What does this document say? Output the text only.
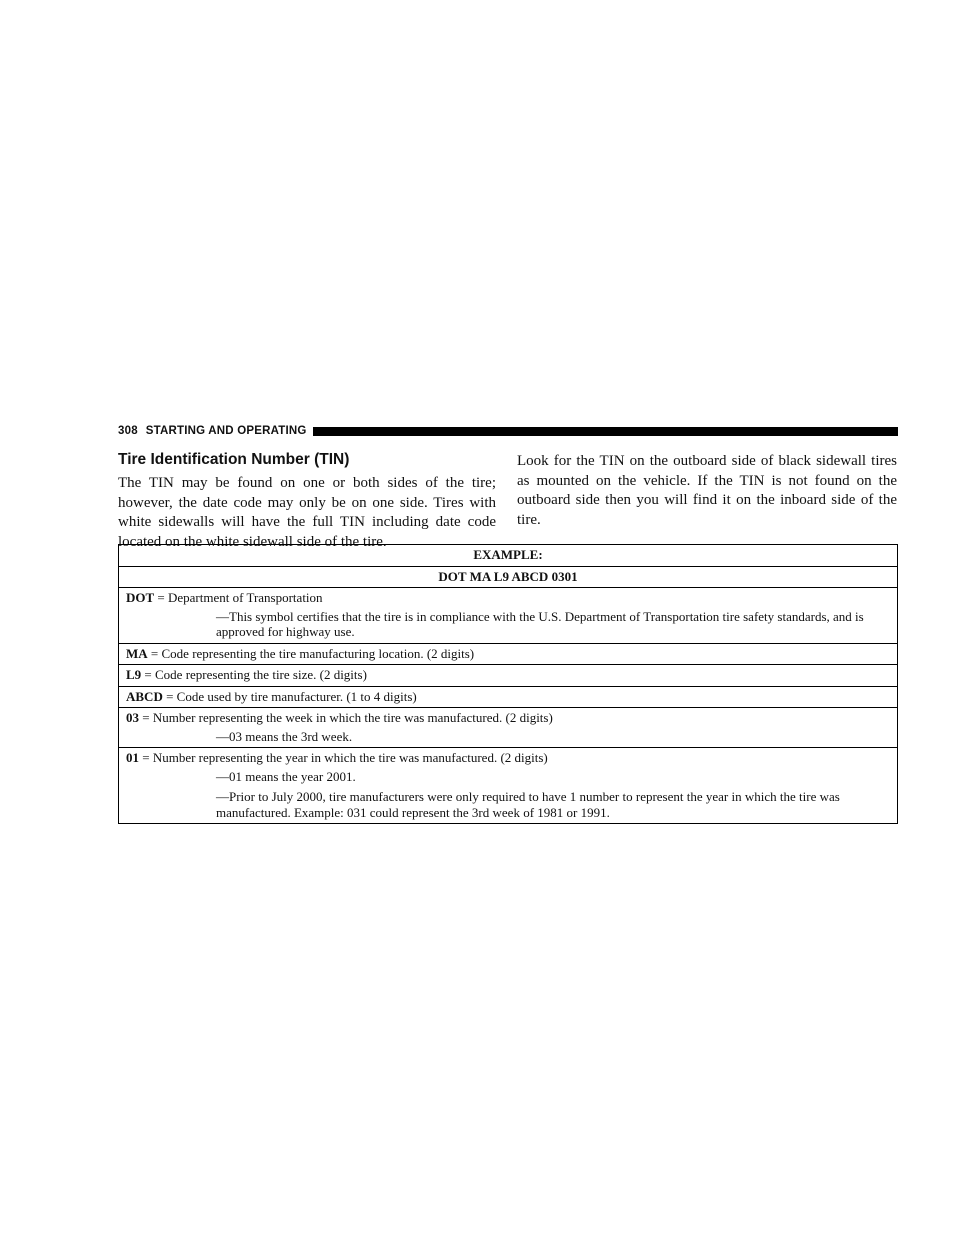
308 STARTING AND OPERATING
Tire Identification Number (TIN)

The TIN may be found on one or both sides of the tire; however, the date code may only be on one side. Tires with white sidewalls will have the full TIN including date code located on the white sidewall side of the tire.

Look for the TIN on the outboard side of black sidewall tires as mounted on the vehicle. If the TIN is not found on the outboard side then you will find it on the inboard side of the tire.

EXAMPLE:
DOT MA L9 ABCD 0301

DOT = Department of Transportation
—This symbol certifies that the tire is in compliance with the U.S. Department of Transportation tire safety standards, and is approved for highway use.

MA = Code representing the tire manufacturing location. (2 digits)

L9 = Code representing the tire size. (2 digits)

ABCD = Code used by tire manufacturer. (1 to 4 digits)

03 = Number representing the week in which the tire was manufactured. (2 digits)
—03 means the 3rd week.

01 = Number representing the year in which the tire was manufactured. (2 digits)
—01 means the year 2001.
—Prior to July 2000, tire manufacturers were only required to have 1 number to represent the year in which the tire was manufactured. Example: 031 could represent the 3rd week of 1981 or 1991.
